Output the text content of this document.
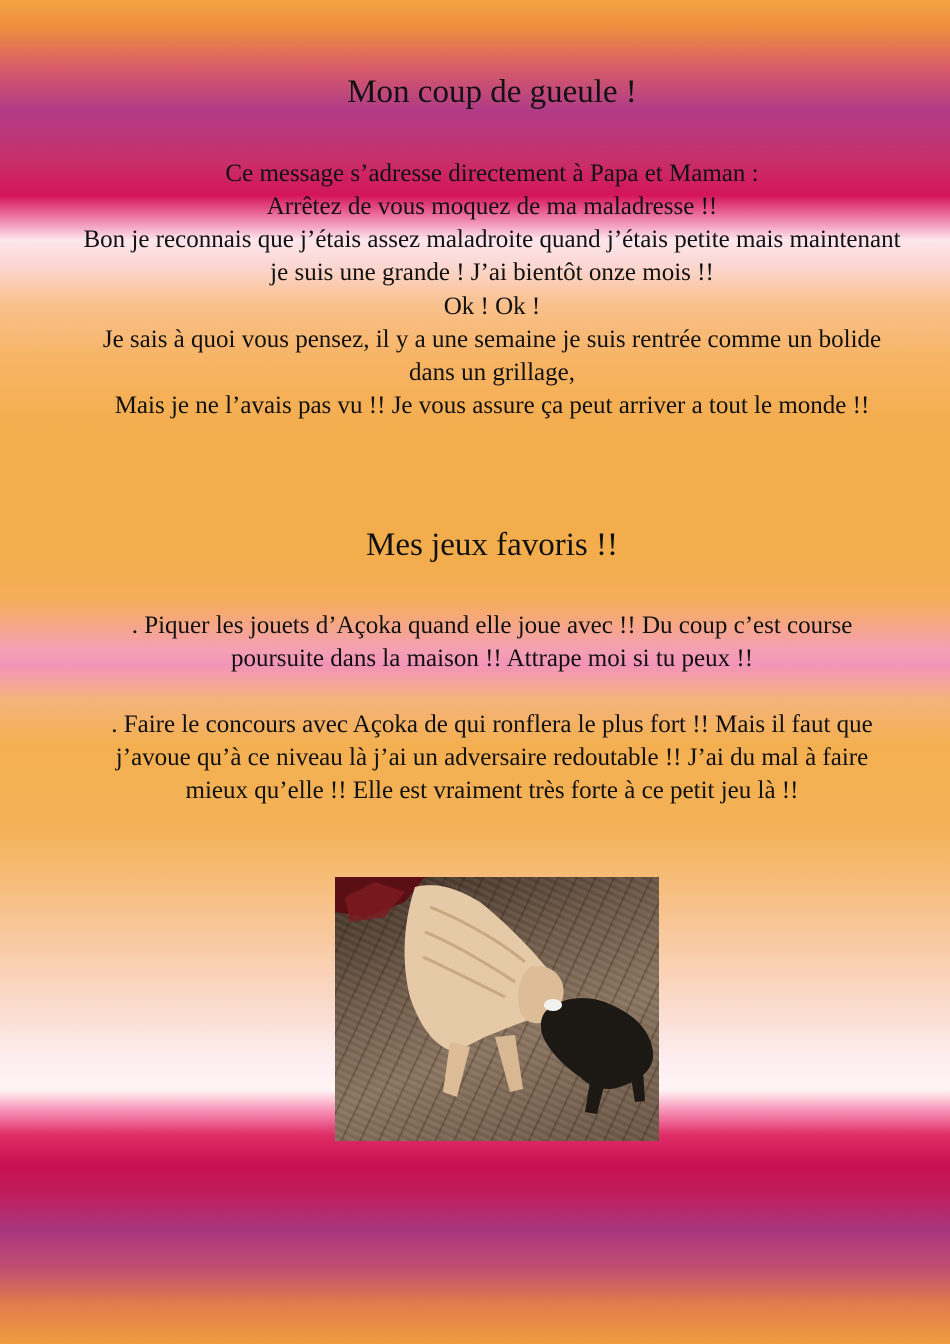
Mon coup de gueule !

Ce message s’adresse directement à Papa et Maman :

Arrêtez de vous moquez de ma maladresse !!

Bon je reconnais que j’étais assez maladroite quand j’étais petite mais maintenant je suis une grande ! J’ai bientôt onze mois !!

Ok ! Ok !

Je sais à quoi vous pensez, il y a une semaine je suis rentrée comme un bolide dans un grillage,

Mais je ne l’avais pas vu !! Je vous assure ça peut arriver a tout le monde !!

Mes jeux favoris !!

. Piquer les jouets d’Açoka quand elle joue avec !! Du coup c’est course poursuite dans la maison !! Attrape moi si tu peux !!

. Faire le concours avec Açoka de qui ronflera le plus fort !! Mais il faut que j’avoue qu’à ce niveau là j’ai un adversaire redoutable !! J’ai du mal à faire mieux qu’elle !! Elle est vraiment très forte à ce petit jeu là !!
